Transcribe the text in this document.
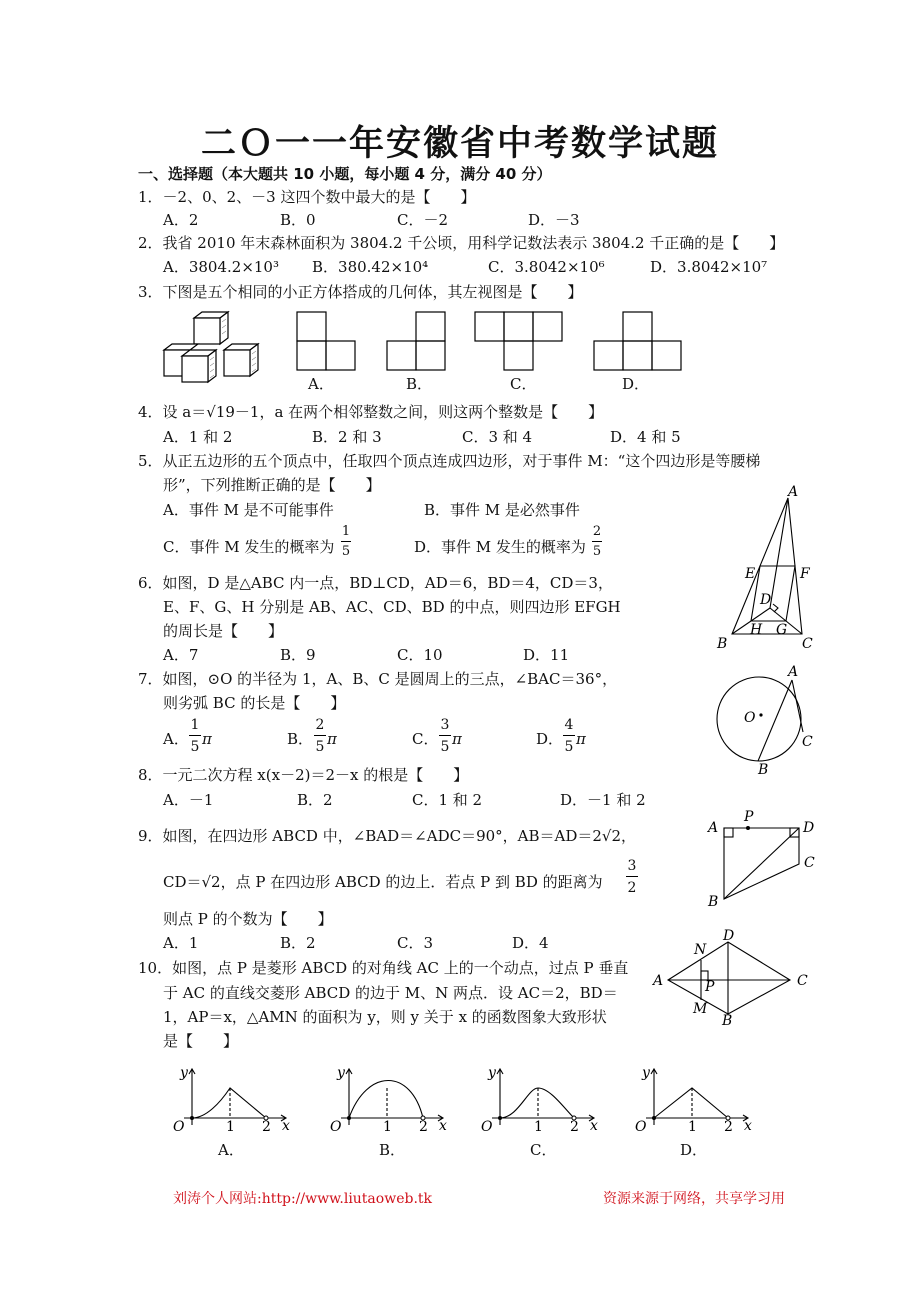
二Ｏ一一年安徽省中考数学试题
一、选择题（本大题共 10 小题，每小题 4 分，满分 40 分）
1．－2、0、2、－3 这四个数中最大的是【　　】
A．2	B．0	C．－2	D．－3
2．我省 2010 年末森林面积为 3804.2 千公顷，用科学记数法表示 3804.2 千正确的是【　　】
A．3804.2×10³ B．380.42×10⁴	C．3.8042×10⁶	D．3.8042×10⁷
3．下图是五个相同的小正方体搭成的几何体，其左视图是【　　】
A．	B．	C．	D．
4．设 a＝√19－1，a 在两个相邻整数之间，则这两个整数是【　　】
A．1 和 2	B．2 和 3	C．3 和 4	D．4 和 5
5．从正五边形的五个顶点中，任取四个顶点连成四边形，对于事件 M：“这个四边形是等腰梯
形”，下列推断正确的是【　　】
A．事件 M 是不可能事件	B．事件 M 是必然事件
C．事件 M 发生的概率为
1
5	D．事件 M 发生的概率为
2
5
6．如图，D 是△ABC 内一点，BD⊥CD，AD＝6，BD＝4，CD＝3，
E、F、G、H 分别是 AB、AC、CD、BD 的中点，则四边形 EFGH
的周长是【　　】
A．7	B．9	C．10	D．11
A
E	F
D
H G
B	C
7．如图，⊙O 的半径为 1，A、B、C 是圆周上的三点，∠BAC＝36°，
则劣弧 BC 的长是【　　】
1
5 π
2
5 π
3
5 π
4
5 π
A．	B．	C．	D．
A
O
C
B
8．一元二次方程 x(x－2)＝2－x 的根是【　　】
A．－1	B．2	C．1 和 2	D．－1 和 2
9．如图，在四边形 ABCD 中，∠BAD＝∠ADC＝90°，AB＝AD＝2√2，
CD＝√2，点 P 在四边形 ABCD 的边上．若点 P 到 BD 的距离为
3
2
则点 P 的个数为【　　】
A．1	B．2	C．3	D．4
P
A	D
C
B
10．如图，点 P 是菱形 ABCD 的对角线 AC 上的一个动点，过点 P 垂直
于 AC 的直线交菱形 ABCD 的边于 M、N 两点．设 AC＝2，BD＝
1，AP＝x，△AMN 的面积为 y，则 y 关于 x 的函数图象大致形状
是【　　】
N
D
A	C
P
M
B
y
O	1 2 x
y
O	1 2 x
y
O	1 2 x
y
O	1 2 x
A．	B．	C．	D．
刘涛个人网站:http://www.liutaoweb.tk	资源来源于网络，共享学习用
